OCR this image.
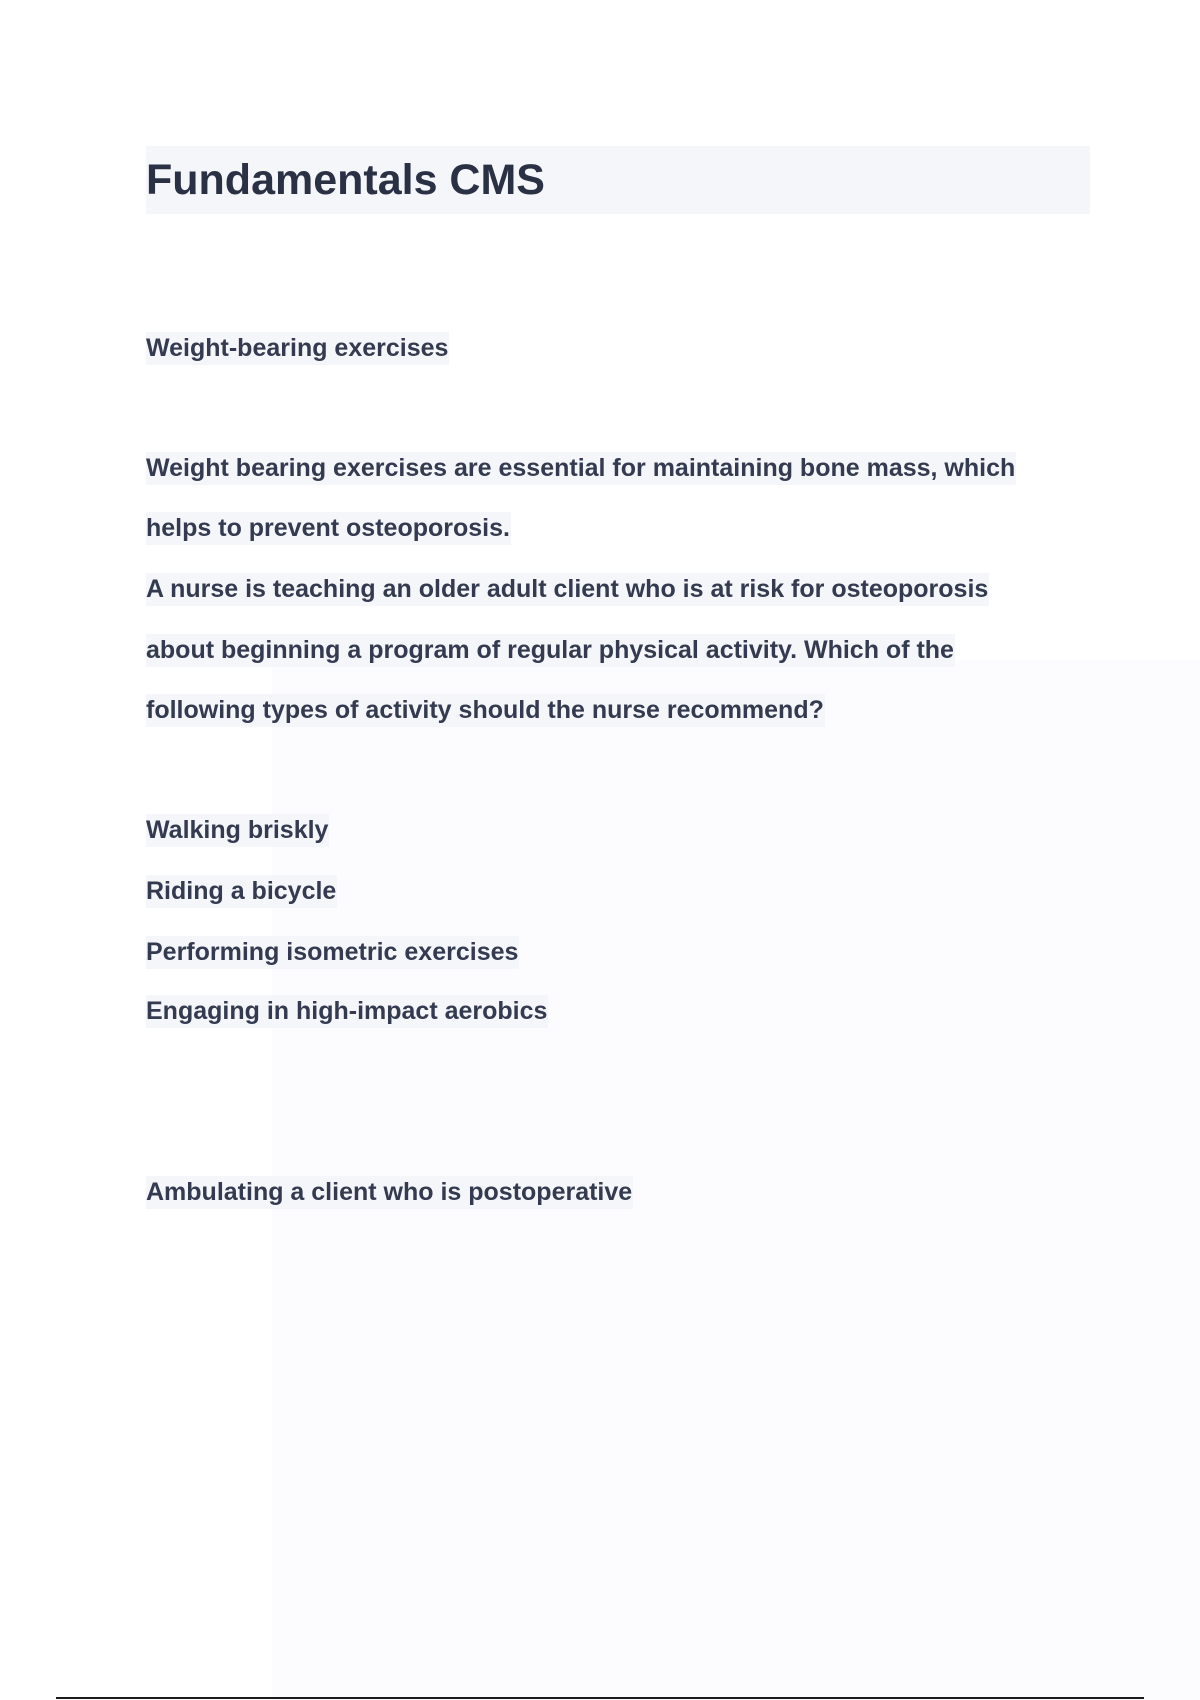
Fundamentals CMS
Weight-bearing exercises
Weight bearing exercises are essential for maintaining bone mass, which
helps to prevent osteoporosis.
A nurse is teaching an older adult client who is at risk for osteoporosis
about beginning a program of regular physical activity. Which of the
following types of activity should the nurse recommend?
Walking briskly
Riding a bicycle
Performing isometric exercises
Engaging in high-impact aerobics
Ambulating a client who is postoperative
